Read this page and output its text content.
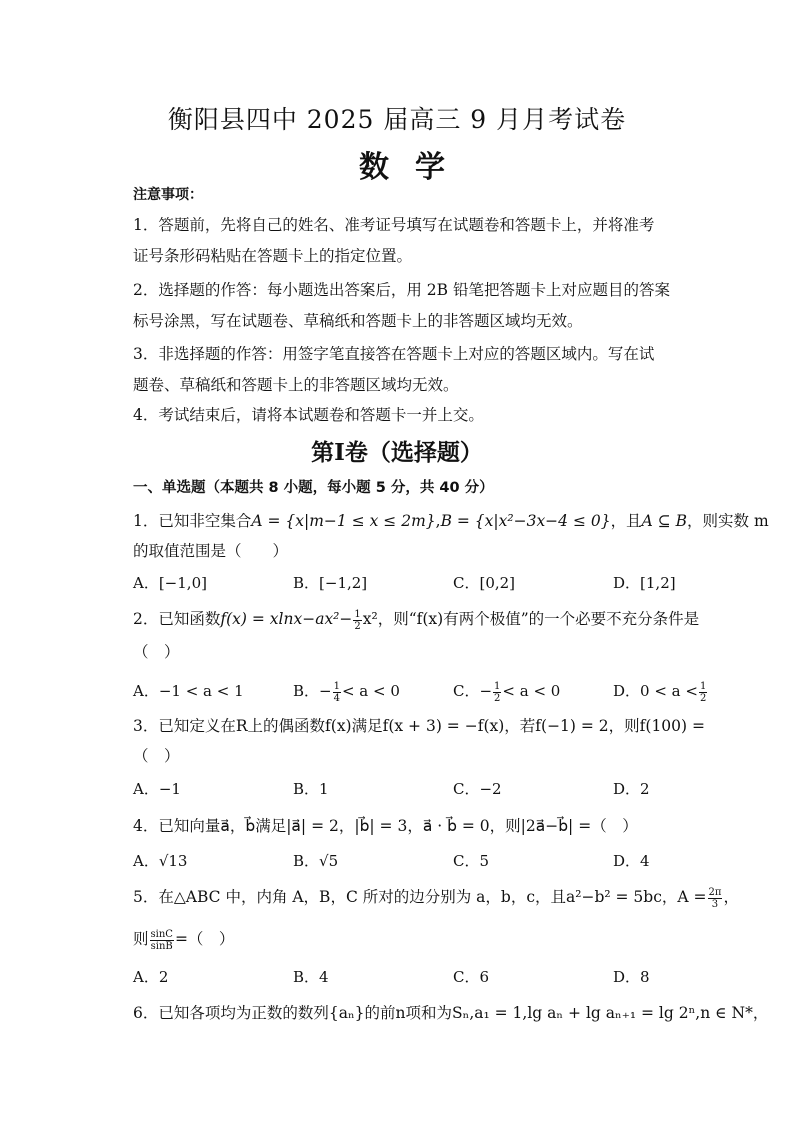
衡阳县四中 2025 届高三 9 月月考试卷
数学
注意事项：
1．答题前，先将自己的姓名、准考证号填写在试题卷和答题卡上，并将准考
证号条形码粘贴在答题卡上的指定位置。
2．选择题的作答：每小题选出答案后，用 2B 铅笔把答题卡上对应题目的答案
标号涂黑，写在试题卷、草稿纸和答题卡上的非答题区域均无效。
3．非选择题的作答：用签字笔直接答在答题卡上对应的答题区域内。写在试
题卷、草稿纸和答题卡上的非答题区域均无效。
4．考试结束后，请将本试题卷和答题卡一并上交。
第Ⅰ卷（选择题）
一、单选题（本题共 8 小题，每小题 5 分，共 40 分）
1．已知非空集合A = {x|m−1 ≤ x ≤ 2m},B = {x|x²−3x−4 ≤ 0}，且A ⊆ B，则实数 m
的取值范围是（　　）
A．[−1,0]	B．[−1,2]	C．[0,2]	D．[1,2]
2．已知函数$f(x) = xlnx-ax^2- \frac{1}{2} x^2$，则“f(x)有两个极值”的一个必要不充分条件是
（　）
A．−1 < a < 1	B．− $\frac{1}{4} < a < 0$	C．− $\frac{1}{2} < a < 0$	D．$0 < a < \frac{1}{2}$
3．已知定义在R上的偶函数f(x)满足f(x + 3) = −f(x)，若f(−1) = 2，则f(100) =
（　）
A．−1	B．1	C．−2	D．2
4．已知向量a⃗，b⃗满足|a⃗| = 2，|b⃗| = 3，a⃗ · b⃗ = 0，则|2a⃗−b⃗| =（　）
A．√13	B．√5	C．5	D．4
5．在△ABC 中，内角 A，B，C 所对的边分别为 a，b，c，且a²−b² = 5bc，$A = \frac{2\pi}{3}$ ，
则 $\frac{\sin C}{\sin B}$ =（　）
A．2	B．4	C．6	D．8
6．已知各项均为正数的数列{aₙ}的前n项和为Sₙ,a₁ = 1,lg aₙ + lg aₙ₊₁ = lg 2ⁿ,n ∈ N*，
